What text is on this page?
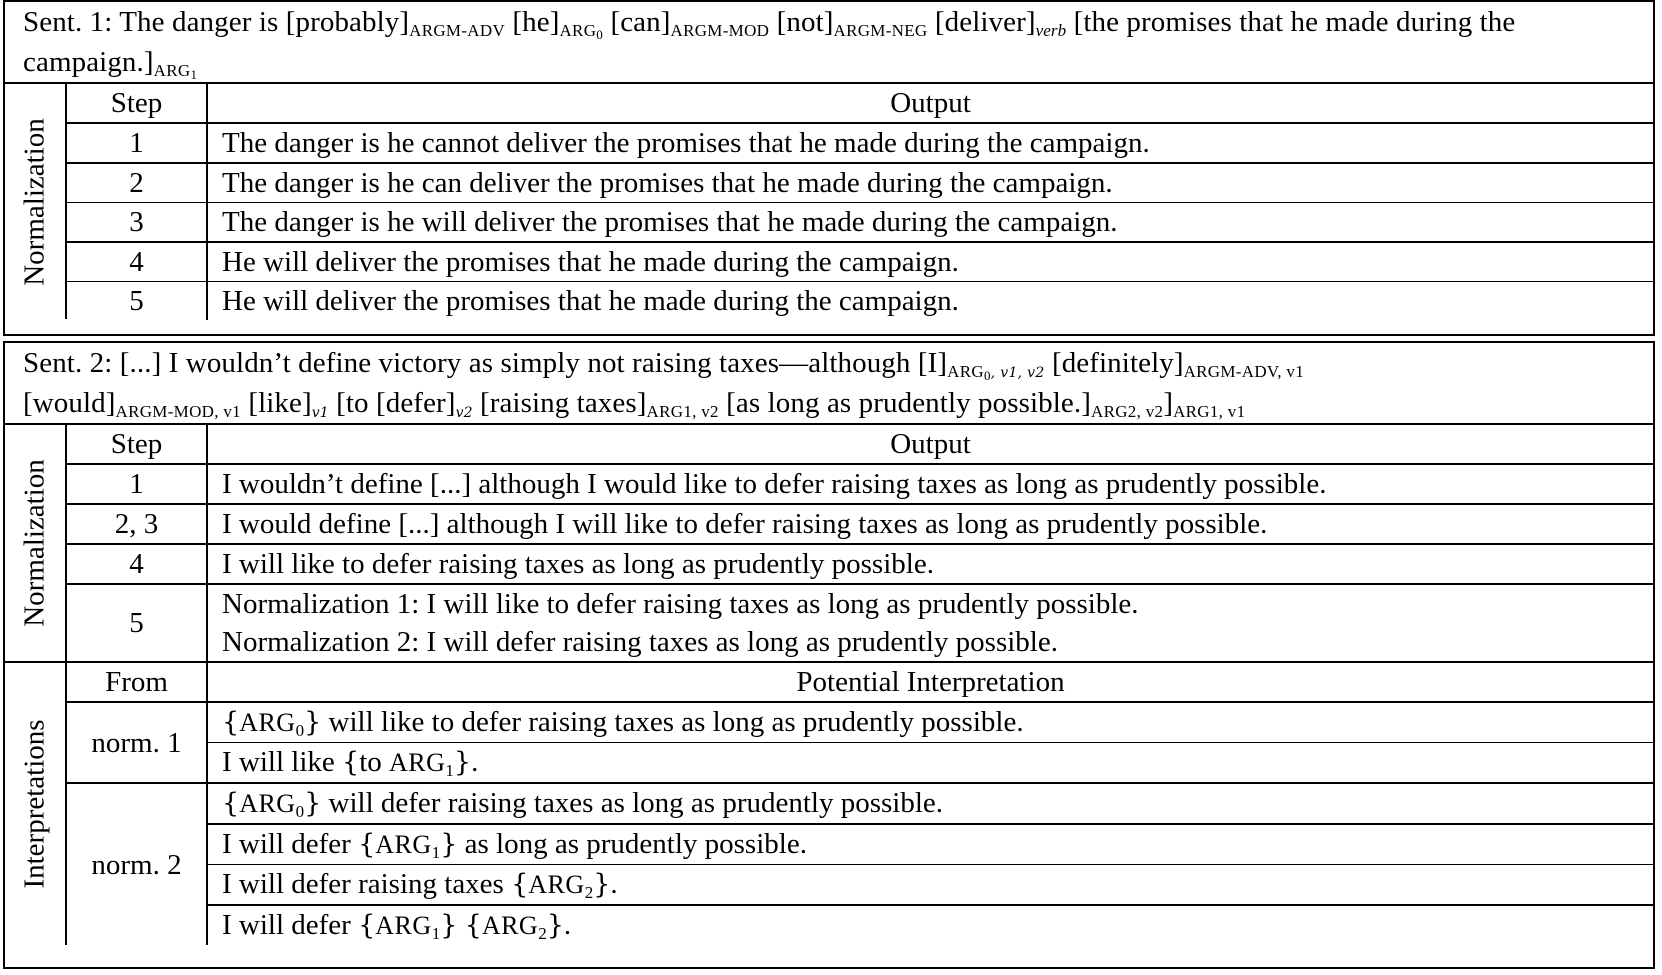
Sent. 1: The danger is [probably]ARGM-ADV [he]ARG0 [can]ARGM-MOD [not]ARGM-NEG $[deliver]_{verb}$ [the promises that he made during the campaign.]ARG1
Normalization
Step	Output
1	The danger is he cannot deliver the promises that he made during the campaign.
2	The danger is he can deliver the promises that he made during the campaign.
3	The danger is he will deliver the promises that he made during the campaign.
4	He will deliver the promises that he made during the campaign.
5	He will deliver the promises that he made during the campaign.
Sent. 2: [...] I wouldn’t define victory as simply not raising taxes—although [I]ARG0, v1, v2 [definitely]ARGM-ADV, v1
[would]ARGM-MOD, v1 $[like]_{v1}$ [to $[defer]_{v2}$ [raising taxes]ARG1, v2 [as long as prudently possible.]ARG2, v2]ARG1, v1
Normalization
Step	Output
1	I wouldn’t define [...] although I would like to defer raising taxes as long as prudently possible.
2, 3	I would define [...] although I will like to defer raising taxes as long as prudently possible.
4	I will like to defer raising taxes as long as prudently possible.
5
Normalization 1: I will like to defer raising taxes as long as prudently possible.
Normalization 2: I will defer raising taxes as long as prudently possible.
Interpretations
From	Potential Interpretation
norm. 1
{ARG0} will like to defer raising taxes as long as prudently possible.
I will like {to ARG1}.
norm. 2
{ARG0} will defer raising taxes as long as prudently possible.
I will defer {ARG1} as long as prudently possible.
I will defer raising taxes {ARG2}.
I will defer {ARG1} {ARG2}.
